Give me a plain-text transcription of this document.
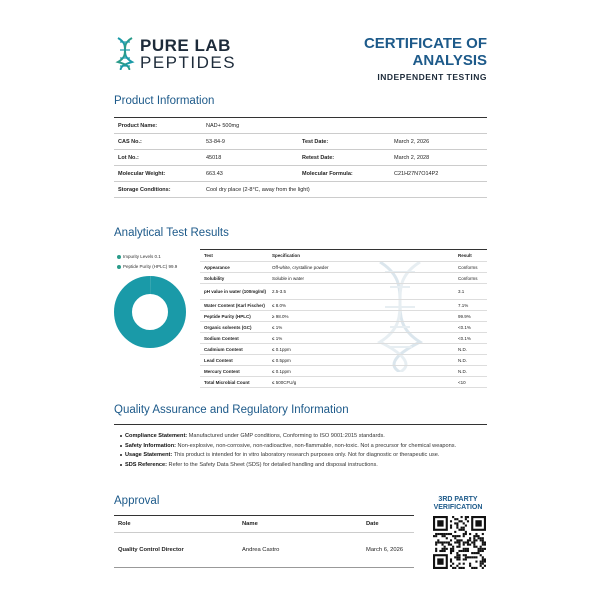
PURE LAB
PEPTIDES
CERTIFICATE OF
ANALYSIS
INDEPENDENT TESTING
Product Information
Product Name:	NAD+ 500mg
CAS No.:	53-84-9	Test Date:	March 2, 2026
Lot No.:	45018	Retest Date:	March 2, 2028
Molecular Weight:	663.43	Molecular Formula:	C21H27N7O14P2
Storage Conditions:	Cool dry place (2-8°C, away from the light)
Analytical Test Results
Impurity Levels 0.1
Peptide Purity (HPLC) 99.9
Test	Specification	Result
Appearance	Off-white, crystalline powder	Conforms
Solubility	Soluble in water	Conforms
pH value in water (100mg/ml)	2.5-3.5	3.1
Water Content (Karl Fischer)	≤ 8.0%	7.1%
Peptide Purity (HPLC)	≥ 98.0%	99.9%
Organic solvents (GC)	≤ 1%	<0.1%
Sodium Content	≤ 1%	<0.1%
Cadmium Content	≤ 0.1ppm	N.D.
Lead Content	≤ 0.5ppm	N.D.
Mercury Content	≤ 0.1ppm	N.D.
Total Microbial Count	≤ 500CFU/g	<10
Quality Assurance and Regulatory Information
Compliance Statement: Manufactured under GMP conditions, Conforming to ISO 9001:2015 standards.
Safety Information: Non-explosive, non-corrosive, non-radioactive, non-flammable, non-toxic. Not a precursor for chemical weapons.
Usage Statement: This product is intended for in vitro laboratory research purposes only. Not for diagnostic or therapeutic use.
SDS Reference: Refer to the Safety Data Sheet (SDS) for detailed handling and disposal instructions.
Approval
Role	Name	Date
Quality Control Director	Andrea Castro	March 6, 2026
3RD PARTY
VERIFICATION
